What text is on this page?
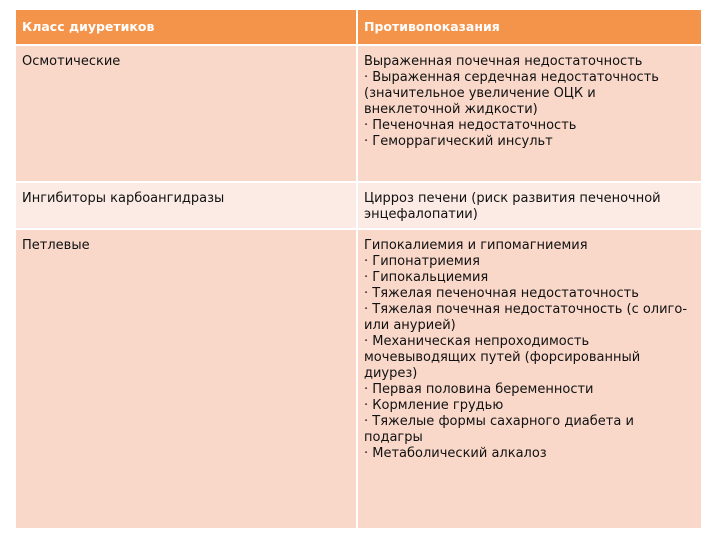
Класс диуретиков	Противопоказания
Осмотические	Выраженная почечная недостаточность
· Выраженная сердечная недостаточность (значительное увеличение ОЦК и внеклеточной жидкости)
· Печеночная недостаточность
· Геморрагический инсульт
Ингибиторы карбоангидразы	Цирроз печени (риск развития печеночной энцефалопатии)
Петлевые	Гипокалиемия и гипомагниемия
· Гипонатриемия
· Гипокальциемия
· Тяжелая печеночная недостаточность
· Тяжелая почечная недостаточность (с олиго- или анурией)
· Механическая непроходимость мочевыводящих путей (форсированный диурез)
· Первая половина беременности
· Кормление грудью
· Тяжелые формы сахарного диабета и подагры
· Метаболический алкалоз
